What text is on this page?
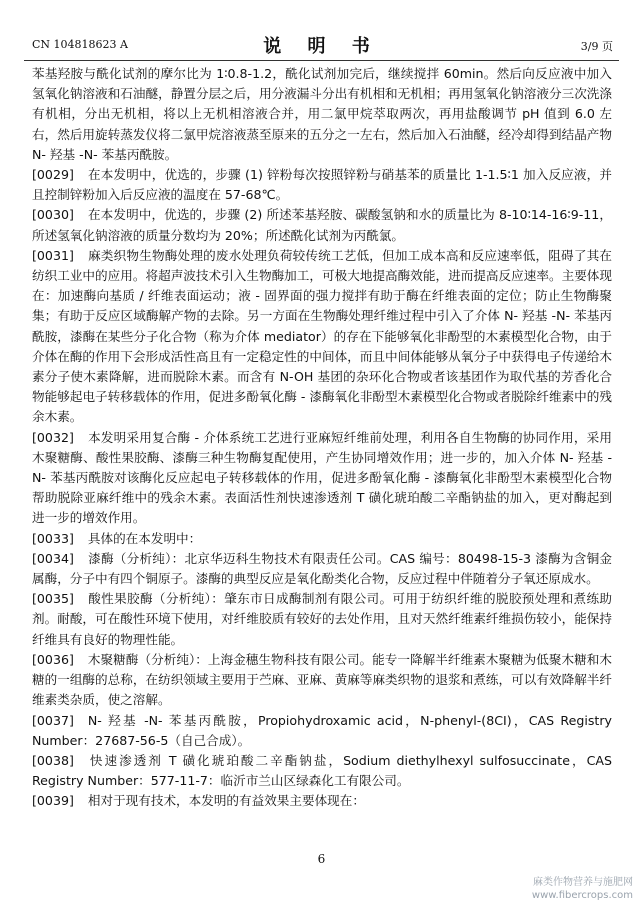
CN 104818623 A	说 明 书	3/9 页

苯基羟胺与酰化试剂的摩尔比为 1∶0.8-1.2，酰化试剂加完后，继续搅拌 60min。然后向反应液中加入氢氧化钠溶液和石油醚，静置分层之后，用分液漏斗分出有机相和无机相；再用氢氧化钠溶液分三次洗涤有机相，分出无机相，将以上无机相溶液合并，用二氯甲烷萃取两次，再用盐酸调节 pH 值到 6.0 左右，然后用旋转蒸发仪将二氯甲烷溶液蒸至原来的五分之一左右，然后加入石油醚，经冷却得到结晶产物 N- 羟基 -N- 苯基丙酰胺。

[0029] 在本发明中，优选的，步骤 (1) 锌粉每次按照锌粉与硝基苯的质量比 1-1.5∶1 加入反应液，并且控制锌粉加入后反应液的温度在 57-68℃。

[0030] 在本发明中，优选的，步骤 (2) 所述苯基羟胺、碳酸氢钠和水的质量比为 8-10∶14-16∶9-11，所述氢氧化钠溶液的质量分数均为 20%；所述酰化试剂为丙酰氯。

[0031] 麻类织物生物酶处理的废水处理负荷较传统工艺低，但加工成本高和反应速率低，阻碍了其在纺织工业中的应用。将超声波技术引入生物酶加工，可极大地提高酶效能，进而提高反应速率。主要体现在：加速酶向基质 / 纤维表面运动；液 - 固界面的强力搅拌有助于酶在纤维表面的定位；防止生物酶聚集；有助于反应区域酶解产物的去除。另一方面在生物酶处理纤维过程中引入了介体 N- 羟基 -N- 苯基丙酰胺，漆酶在某些分子化合物（称为介体 mediator）的存在下能够氧化非酚型的木素模型化合物，由于介体在酶的作用下会形成活性高且有一定稳定性的中间体，而且中间体能够从氧分子中获得电子传递给木素分子使木素降解，进而脱除木素。而含有 N-OH 基团的杂环化合物或者该基团作为取代基的芳香化合物能够起电子转移载体的作用，促进多酚氧化酶 - 漆酶氧化非酚型木素模型化合物或者脱除纤维素中的残余木素。

[0032] 本发明采用复合酶 - 介体系统工艺进行亚麻短纤维前处理，利用各自生物酶的协同作用，采用木聚糖酶、酸性果胶酶、漆酶三种生物酶复配使用，产生协同增效作用；进一步的，加入介体 N- 羟基 -N- 苯基丙酰胺对该酶化反应起电子转移载体的作用，促进多酚氧化酶 - 漆酶氧化非酚型木素模型化合物帮助脱除亚麻纤维中的残余木素。表面活性剂快速渗透剂 T 磺化琥珀酸二辛酯钠盐的加入，更对酶起到进一步的增效作用。

[0033] 具体的在本发明中：

[0034] 漆酶（分析纯）：北京华迈科生物技术有限责任公司。CAS 编号：80498-15-3 漆酶为含铜金属酶，分子中有四个铜原子。漆酶的典型反应是氧化酚类化合物，反应过程中伴随着分子氧还原成水。

[0035] 酸性果胶酶（分析纯）：肇东市日成酶制剂有限公司。可用于纺织纤维的脱胶预处理和煮练助剂。耐酸，可在酸性环境下使用，对纤维胶质有较好的去处作用，且对天然纤维素纤维损伤较小，能保持纤维具有良好的物理性能。

[0036] 木聚糖酶（分析纯）：上海金穗生物科技有限公司。能专一降解半纤维素木聚糖为低聚木糖和木糖的一组酶的总称，在纺织领域主要用于苎麻、亚麻、黄麻等麻类织物的退浆和煮练，可以有效降解半纤维素类杂质，使之溶解。

[0037] N- 羟基 -N- 苯基丙酰胺，Propiohydroxamic acid，N-phenyl-(8CI)，CAS Registry Number：27687-56-5（自己合成）。

[0038] 快速渗透剂 T 磺化琥珀酸二辛酯钠盐，Sodium diethylhexyl sulfosuccinate，CAS Registry Number：577-11-7：临沂市兰山区绿森化工有限公司。

[0039] 相对于现有技术，本发明的有益效果主要体现在：

6
麻类作物营养与施肥网
www.fibercrops.com
